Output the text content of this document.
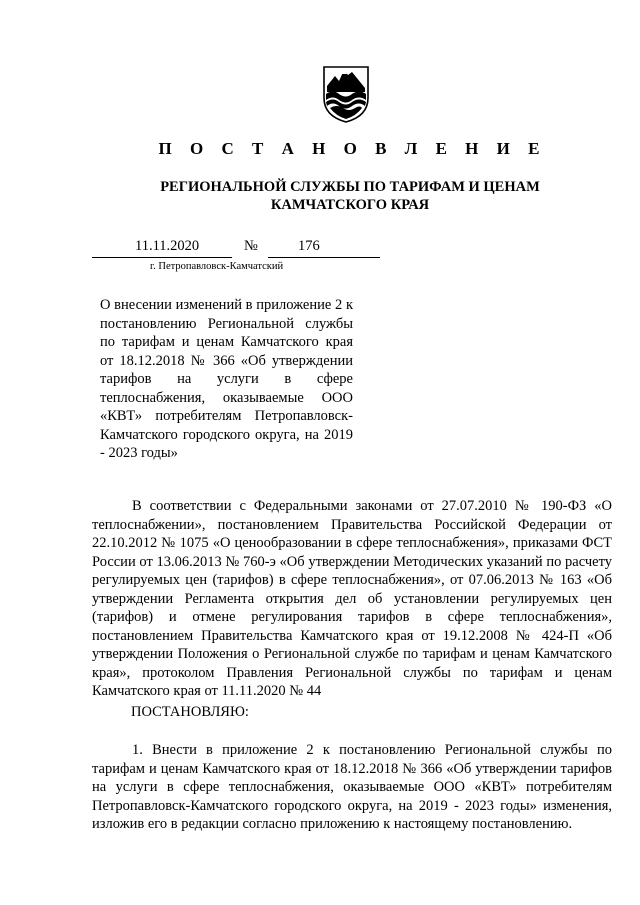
П О С Т А Н О В Л Е Н И Е
РЕГИОНАЛЬНОЙ СЛУЖБЫ ПО ТАРИФАМ И ЦЕНАМ
КАМЧАТСКОГО КРАЯ
11.11.2020	№	176
г. Петропавловск-Камчатский
О внесении изменений в приложение 2 к постановлению Региональной службы по тарифам и ценам Камчатского края от 18.12.2018 № 366 «Об утверждении тарифов на услуги в сфере теплоснабжения, оказываемые ООО «КВТ» потребителям Петропавловск-Камчатского городского округа, на 2019 - 2023 годы»
В соответствии с Федеральными законами от 27.07.2010 № 190-ФЗ «О теплоснабжении», постановлением Правительства Российской Федерации от 22.10.2012 № 1075 «О ценообразовании в сфере теплоснабжения», приказами ФСТ России от 13.06.2013 № 760-э «Об утверждении Методических указаний по расчету регулируемых цен (тарифов) в сфере теплоснабжения», от 07.06.2013 № 163 «Об утверждении Регламента открытия дел об установлении регулируемых цен (тарифов) и отмене регулирования тарифов в сфере теплоснабжения», постановлением Правительства Камчатского края от 19.12.2008 № 424-П «Об утверждении Положения о Региональной службе по тарифам и ценам Камчатского края», протоколом Правления Региональной службы по тарифам и ценам Камчатского края от 11.11.2020 № 44
ПОСТАНОВЛЯЮ:
1. Внести в приложение 2 к постановлению Региональной службы по тарифам и ценам Камчатского края от 18.12.2018 № 366 «Об утверждении тарифов на услуги в сфере теплоснабжения, оказываемые ООО «КВТ» потребителям Петропавловск-Камчатского городского округа, на 2019 - 2023 годы» изменения, изложив его в редакции согласно приложению к настоящему постановлению.
